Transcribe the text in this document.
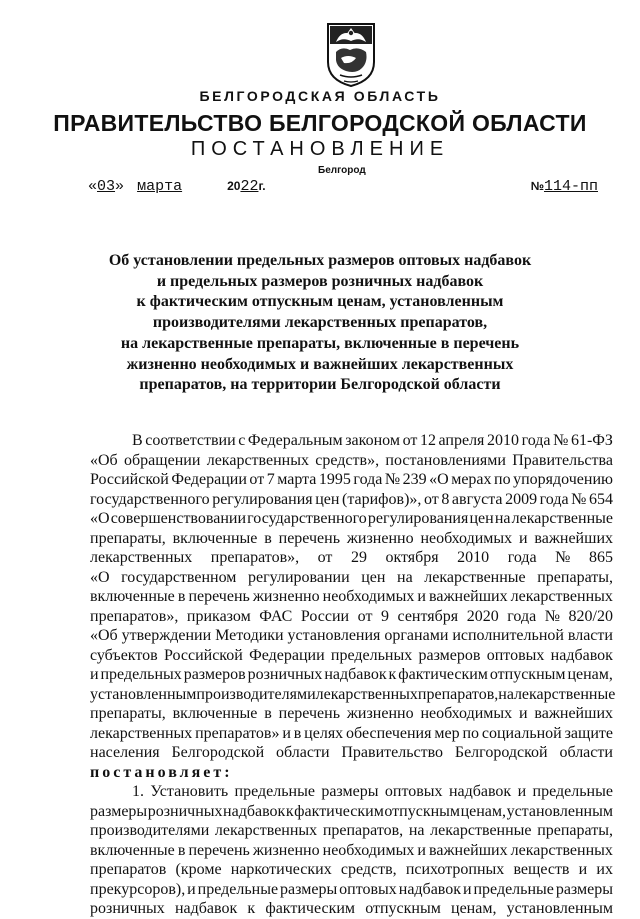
БЕЛГОРОДСКАЯ ОБЛАСТЬ
ПРАВИТЕЛЬСТВО БЕЛГОРОДСКОЙ ОБЛАСТИ
ПОСТАНОВЛЕНИЕ
Белгород
«03» марта	2022г.	№114-пп
Об установлении предельных размеров оптовых надбавок
и предельных размеров розничных надбавок
к фактическим отпускным ценам, установленным
производителями лекарственных препаратов,
на лекарственные препараты, включенные в перечень
жизненно необходимых и важнейших лекарственных
препаратов, на территории Белгородской области
В соответствии с Федеральным законом от 12 апреля 2010 года № 61-ФЗ
«Об обращении лекарственных средств», постановлениями Правительства
Российской Федерации от 7 марта 1995 года № 239 «О мерах по упорядочению
государственного регулирования цен (тарифов)», от 8 августа 2009 года № 654
«О совершенствовании государственного регулирования цен на лекарственные
препараты, включенные в перечень жизненно необходимых и важнейших
лекарственных препаратов», от 29 октября 2010 года № 865
«О государственном регулировании цен на лекарственные препараты,
включенные в перечень жизненно необходимых и важнейших лекарственных
препаратов», приказом ФАС России от 9 сентября 2020 года № 820/20
«Об утверждении Методики установления органами исполнительной власти
субъектов Российской Федерации предельных размеров оптовых надбавок
и предельных размеров розничных надбавок к фактическим отпускным ценам,
установленным производителями лекарственных препаратов, на лекарственные
препараты, включенные в перечень жизненно необходимых и важнейших
лекарственных препаратов» и в целях обеспечения мер по социальной защите
населения Белгородской области Правительство Белгородской области
постановляет:
1. Установить предельные размеры оптовых надбавок и предельные
размеры розничных надбавок к фактическим отпускным ценам, установленным
производителями лекарственных препаратов, на лекарственные препараты,
включенные в перечень жизненно необходимых и важнейших лекарственных
препаратов (кроме наркотических средств, психотропных веществ и их
прекурсоров), и предельные размеры оптовых надбавок и предельные размеры
розничных надбавок к фактическим отпускным ценам, установленным
